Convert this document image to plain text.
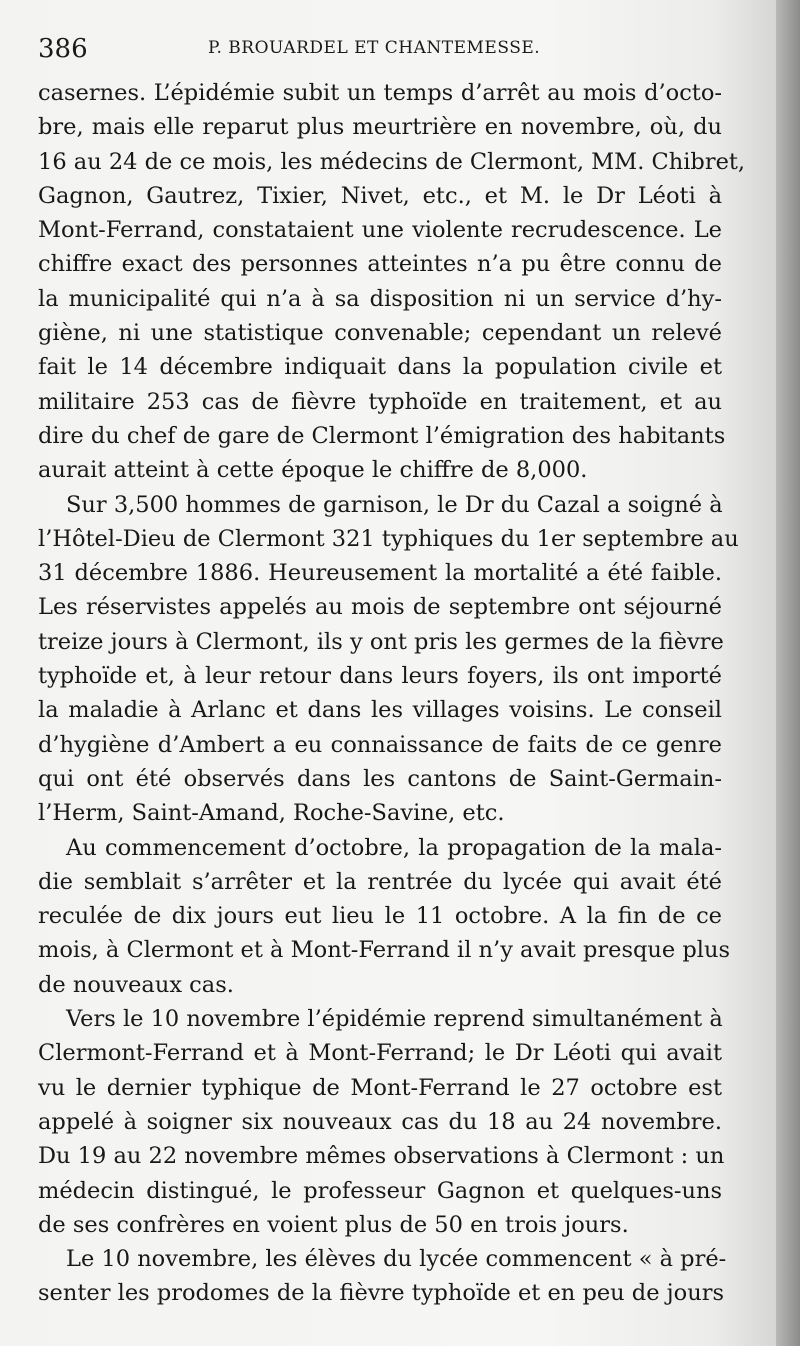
386	P. BROUARDEL ET CHANTEMESSE.
casernes. L’épidémie subit un temps d’arrêt au mois d’octo-
bre, mais elle reparut plus meurtrière en novembre, où, du
16 au 24 de ce mois, les médecins de Clermont, MM. Chibret,
Gagnon, Gautrez, Tixier, Nivet, etc., et M. le Dr Léoti à
Mont-Ferrand, constataient une violente recrudescence. Le
chiffre exact des personnes atteintes n’a pu être connu de
la municipalité qui n’a à sa disposition ni un service d’hy-
giène, ni une statistique convenable; cependant un relevé
fait le 14 décembre indiquait dans la population civile et
militaire 253 cas de fièvre typhoïde en traitement, et au
dire du chef de gare de Clermont l’émigration des habitants
aurait atteint à cette époque le chiffre de 8,000.
Sur 3,500 hommes de garnison, le Dr du Cazal a soigné à
l’Hôtel-Dieu de Clermont 321 typhiques du 1er septembre au
31 décembre 1886. Heureusement la mortalité a été faible.
Les réservistes appelés au mois de septembre ont séjourné
treize jours à Clermont, ils y ont pris les germes de la fièvre
typhoïde et, à leur retour dans leurs foyers, ils ont importé
la maladie à Arlanc et dans les villages voisins. Le conseil
d’hygiène d’Ambert a eu connaissance de faits de ce genre
qui ont été observés dans les cantons de Saint-Germain-
l’Herm, Saint-Amand, Roche-Savine, etc.
Au commencement d’octobre, la propagation de la mala-
die semblait s’arrêter et la rentrée du lycée qui avait été
reculée de dix jours eut lieu le 11 octobre. A la fin de ce
mois, à Clermont et à Mont-Ferrand il n’y avait presque plus
de nouveaux cas.
Vers le 10 novembre l’épidémie reprend simultanément à
Clermont-Ferrand et à Mont-Ferrand; le Dr Léoti qui avait
vu le dernier typhique de Mont-Ferrand le 27 octobre est
appelé à soigner six nouveaux cas du 18 au 24 novembre.
Du 19 au 22 novembre mêmes observations à Clermont : un
médecin distingué, le professeur Gagnon et quelques-uns
de ses confrères en voient plus de 50 en trois jours.
Le 10 novembre, les élèves du lycée commencent « à pré-
senter les prodomes de la fièvre typhoïde et en peu de jours
